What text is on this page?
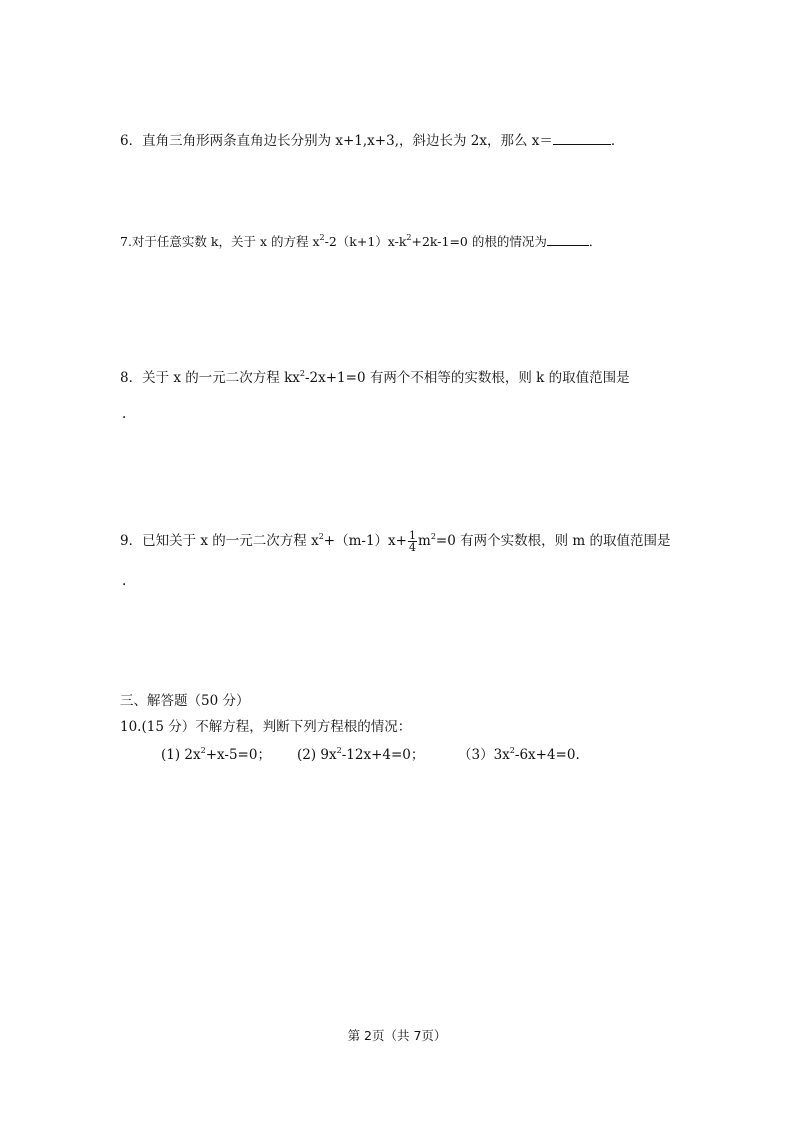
6．直角三角形两条直角边长分别为 x+1,x+3,，斜边长为 2x，那么 x＝	．
7.对于任意实数 k，关于 x 的方程 $x^2-2(k+1)x-k^2+2k-1=0$ 的根的情况为	．
8．关于 x 的一元二次方程 $kx^2-2x+1=0$ 有两个不相等的实数根，则 k 的取值范围是
．
9．已知关于 x 的一元二次方程 $x^2+(m-1)x+ \frac{1}{4} m^2=0$ 有两个实数根，则 m 的取值范围是
．
三、解答题（50 分）
10.(15 分）不解方程，判断下列方程根的情况：
(1) $2x^2+x-5=0$； (2) $9x^2-12x+4=0$； $(3)3x^2-6x+4=0$.
第 2页（共 7页）
